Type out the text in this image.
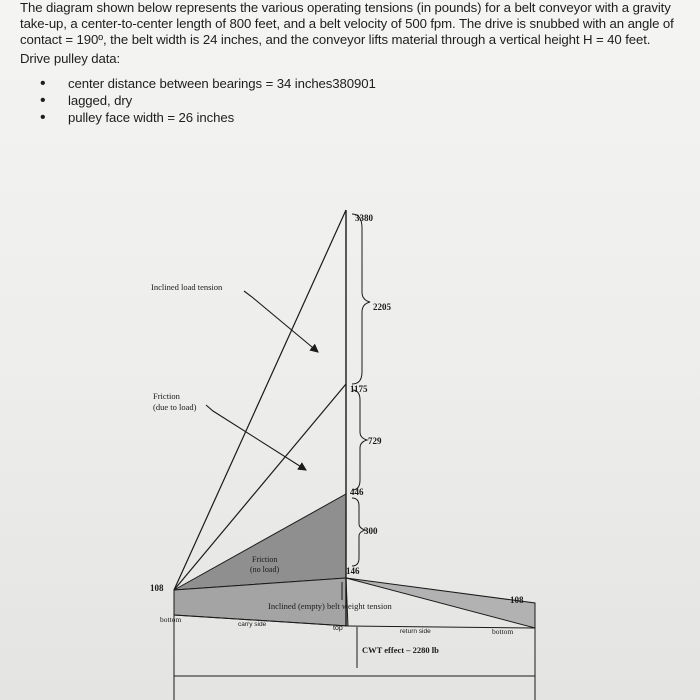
The diagram shown below represents the various operating tensions (in pounds) for a belt conveyor with a gravity take-up, a center-to-center length of 800 feet, and a belt velocity of 500 fpm. The drive is snubbed with an angle of contact = 190º, the belt width is 24 inches, and the conveyor lifts material through a vertical height H = 40 feet.

Drive pulley data:

• center distance between bearings = 34 inches380901
• lagged, dry
• pulley face width = 26 inches
3380
2205
1175
729
446
300
146
108
108
Inclined load tension
Friction
(due to load)
Friction
(no load)
Inclined (empty) belt weight tension
bottom
carry side
top	return side	bottom
CWT effect – 2280 lb
